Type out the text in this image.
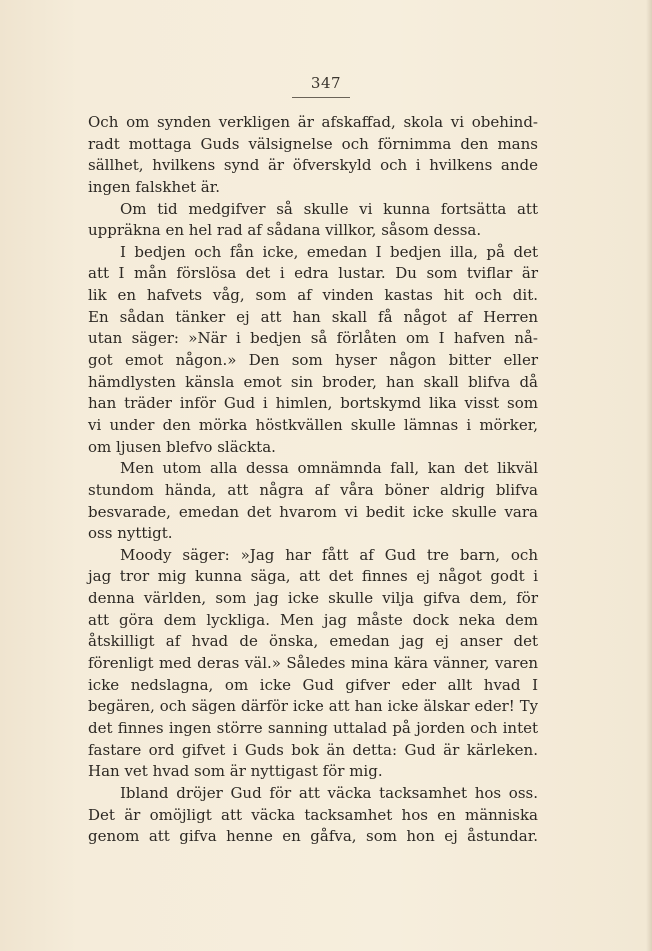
347
Och om synden verkligen är afskaffad, skola vi obehind-
radt mottaga Guds välsignelse och förnimma den mans
sällhet, hvilkens synd är öfverskyld och i hvilkens ande
ingen falskhet är.
Om tid medgifver så skulle vi kunna fortsätta att
uppräkna en hel rad af sådana villkor, såsom dessa.
I bedjen och fån icke, emedan I bedjen illa, på det
att I mån förslösa det i edra lustar. Du som tviflar är
lik en hafvets våg, som af vinden kastas hit och dit.
En sådan tänker ej att han skall få något af Herren
utan säger: »När i bedjen så förlåten om I hafven nå-
got emot någon.» Den som hyser någon bitter eller
hämdlysten känsla emot sin broder, han skall blifva då
han träder inför Gud i himlen, bortskymd lika visst som
vi under den mörka höstkvällen skulle lämnas i mörker,
om ljusen blefvo släckta.
Men utom alla dessa omnämnda fall, kan det likväl
stundom hända, att några af våra böner aldrig blifva
besvarade, emedan det hvarom vi bedit icke skulle vara
oss nyttigt.
Moody säger: »Jag har fått af Gud tre barn, och
jag tror mig kunna säga, att det finnes ej något godt i
denna världen, som jag icke skulle vilja gifva dem, för
att göra dem lyckliga. Men jag måste dock neka dem
åtskilligt af hvad de önska, emedan jag ej anser det
förenligt med deras väl.» Således mina kära vänner, varen
icke nedslagna, om icke Gud gifver eder allt hvad I
begären, och sägen därför icke att han icke älskar eder! Ty
det finnes ingen större sanning uttalad på jorden och intet
fastare ord gifvet i Guds bok än detta: Gud är kärleken.
Han vet hvad som är nyttigast för mig.
Ibland dröjer Gud för att väcka tacksamhet hos oss.
Det är omöjligt att väcka tacksamhet hos en människa
genom att gifva henne en gåfva, som hon ej åstundar.
